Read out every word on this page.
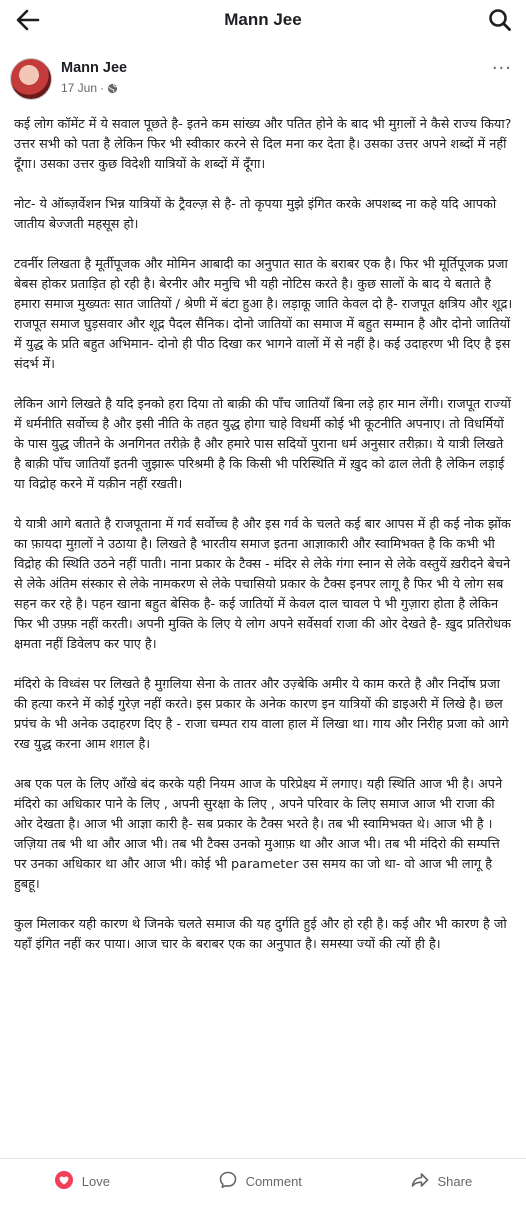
Mann Jee
Mann Jee
17 Jun ·
···

कई लोग कॉमेंट में ये सवाल पूछते है- इतने कम सांख्य और पतित होने के बाद भी मुग़लों ने कैसे राज्य किया? उत्तर सभी को पता है लेकिन फिर भी स्वीकार करने से दिल मना कर देता है। उसका उत्तर अपने शब्दों में नहीं दूँगा। उसका उत्तर कुछ विदेशी यात्रियों के शब्दों में दूँगा।

नोट- ये ऑब्ज़र्वेशन भिन्न यात्रियों के ट्रैवल्ज़ से है- तो कृपया मुझे इंगित करके अपशब्द ना कहे यदि आपको जातीय बेज्जती महसूस हो।

टवर्नीर लिखता है मूर्तीपूजक और मोमिन आबादी का अनुपात सात के बराबर एक है। फिर भी मूर्तिपूजक प्रजा बेबस होकर प्रताड़ित हो रही है। बेरनीर और मनुचि भी यही नोटिस करते है। कुछ सालों के बाद ये बताते है हमारा समाज मुख्यतः सात जातियों / श्रेणी में बंटा हुआ है। लड़ाकू जाति केवल दो है- राजपूत क्षत्रिय और शूद्र। राजपूत समाज घुड़सवार और शूद्र पैदल सैनिक। दोनो जातियों का समाज में बहुत सम्मान है और दोनो जातियों में युद्ध के प्रति बहुत अभिमान- दोनो ही पीठ दिखा कर भागने वालों में से नहीं है। कई उदाहरण भी दिए है इस संदर्भ में।

लेकिन आगे लिखते है यदि इनको हरा दिया तो बाक़ी की पाँच जातियाँ बिना लड़े हार मान लेंगी। राजपूत राज्यों में धर्मनीति सर्वोच्च है और इसी नीति के तहत युद्ध होगा चाहे विधर्मी कोई भी कूटनीति अपनाए। तो विधर्मियों के पास युद्ध जीतने के अनगिनत तरीक़े है और हमारे पास सदियों पुराना धर्म अनुसार तरीक़ा। ये यात्री लिखते है बाक़ी पाँच जातियाँ इतनी जुझारू परिश्रमी है कि किसी भी परिस्थिति में ख़ुद को ढाल लेती है लेकिन लड़ाई या विद्रोह करने में यक़ीन नहीं रखती।

ये यात्री आगे बताते है राजपूताना में गर्व सर्वोच्च है और इस गर्व के चलते कई बार आपस में ही कई नोक झोंक का फ़ायदा मुग़लों ने उठाया है। लिखते है भारतीय समाज इतना आज्ञाकारी और स्वामिभक्त है कि कभी भी विद्रोह की स्थिति उठने नहीं पाती। नाना प्रकार के टैक्स - मंदिर से लेके गंगा स्नान से लेके वस्तुयें ख़रीदने बेचने से लेके अंतिम संस्कार से लेके नामकरण से लेके पचासियो प्रकार के टैक्स इनपर लागू है फिर भी ये लोग सब सहन कर रहे है। पहन खाना बहुत बेसिक है- कई जातियों में केवल दाल चावल पे भी गुज़ारा होता है लेकिन फिर भी उफ़्फ़ नहीं करती। अपनी मुक्ति के लिए ये लोग अपने सर्वेसर्वा राजा की ओर देखते है- ख़ुद प्रतिरोधक क्षमता नहीं डिवेलप कर पाए है।

मंदिरो के विध्वंस पर लिखते है मुग़लिया सेना के तातर और उज़्बेकि अमीर ये काम करते है और निर्दोष प्रजा की हत्या करने में कोई गुरेज़ नहीं करते। इस प्रकार के अनेक कारण इन यात्रियों की डाइअरी में लिखे है। छल प्रपंच के भी अनेक उदाहरण दिए है - राजा चम्पत राय वाला हाल में लिखा था। गाय और निरीह प्रजा को आगे रख युद्ध करना आम शग़ल है।

अब एक पल के लिए आँखे बंद करके यही नियम आज के परिप्रेक्ष्य में लगाए। यही स्थिति आज भी है। अपने मंदिरो का अधिकार पाने के लिए , अपनी सुरक्षा के लिए , अपने परिवार के लिए समाज आज भी राजा की ओर देखता है। आज भी आज्ञा कारी है- सब प्रकार के टैक्स भरते है। तब भी स्वामिभक्त थे। आज भी है ।जज़िया तब भी था और आज भी। तब भी टैक्स उनको मुआफ़ था और आज भी। तब भी मंदिरो की सम्पत्ति पर उनका अधिकार था और आज भी। कोई भी parameter उस समय का जो था- वो आज भी लागू है हुबहू।

कुल मिलाकर यही कारण थे जिनके चलते समाज की यह दुर्गति हुई और हो रही है। कई और भी कारण है जो यहाँ इंगित नहीं कर पाया। आज चार के बराबर एक का अनुपात है। समस्या ज्यों की त्यों ही है।

Love	Comment	Share
